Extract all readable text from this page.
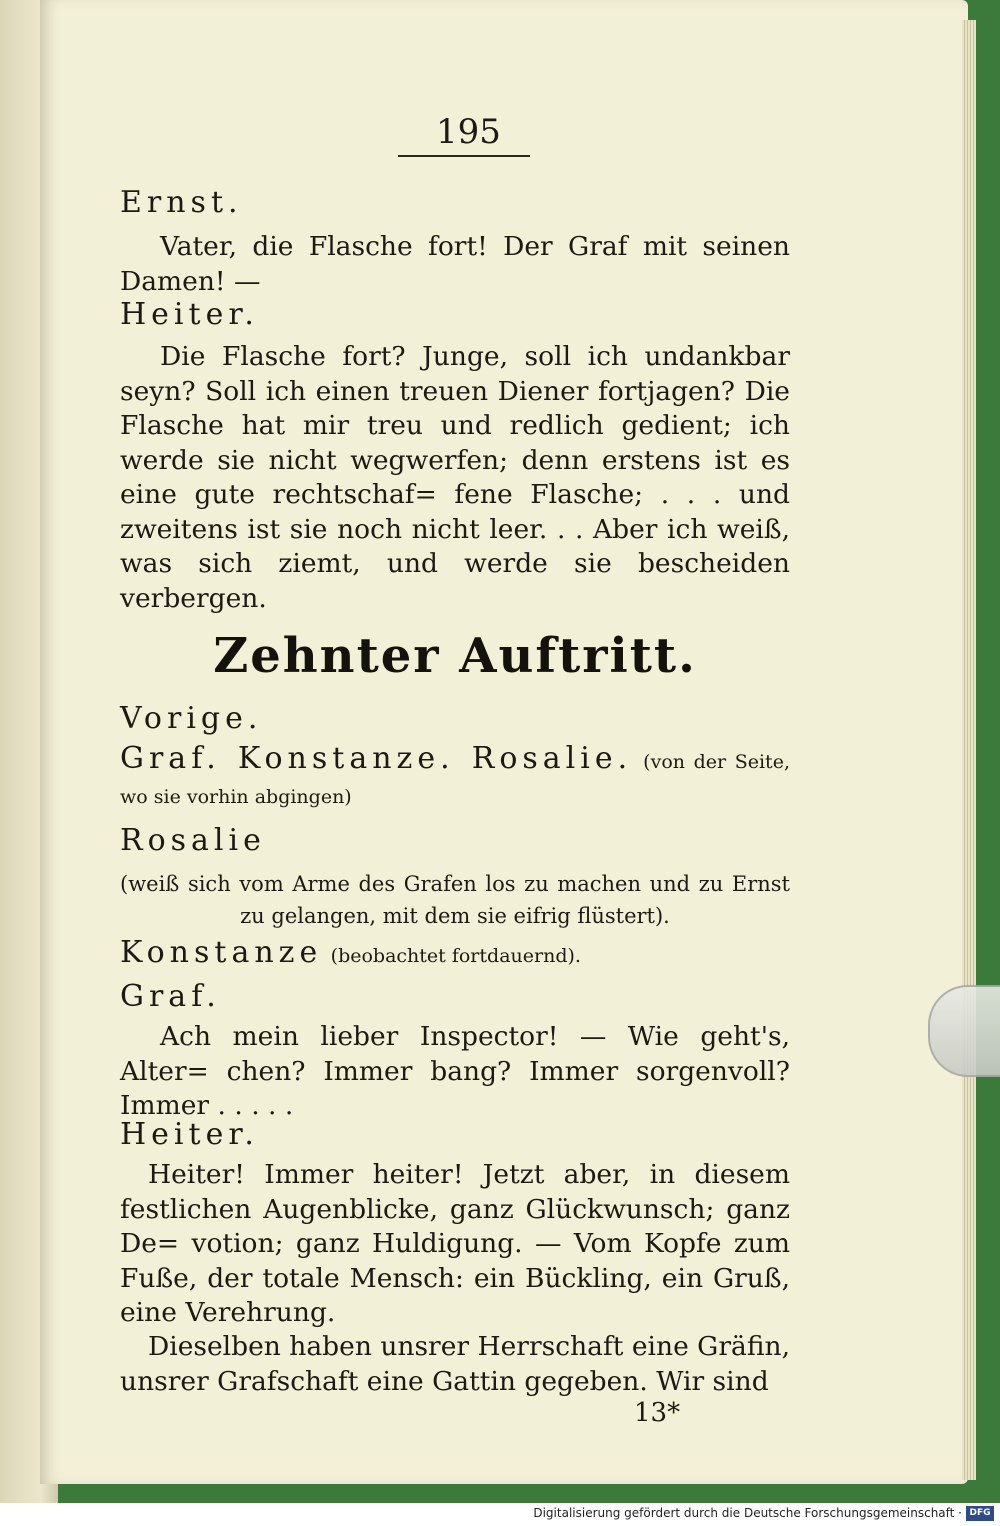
195
Ernst.
Vater, die Flasche fort! Der Graf mit seinen Damen! —
Heiter.
Die Flasche fort? Junge, soll ich undankbar seyn? Soll ich einen treuen Diener fortjagen? Die Flasche hat mir treu und redlich gedient; ich werde sie nicht wegwerfen; denn erstens ist es eine gute rechtschaf= fene Flasche; . . . und zweitens ist sie noch nicht leer. . . Aber ich weiß, was sich ziemt, und werde sie bescheiden verbergen.
Zehnter Auftritt.
Vorige.
Graf. Konstanze. Rosalie. (von der Seite, wo sie vorhin abgingen)
Rosalie
(weiß sich vom Arme des Grafen los zu machen und zu Ernst zu gelangen, mit dem sie eifrig flüstert).
Konstanze (beobachtet fortdauernd).
Graf.
Ach mein lieber Inspector! — Wie geht's, Alter= chen? Immer bang? Immer sorgenvoll? Immer . . . . .
Heiter.
Heiter! Immer heiter! Jetzt aber, in diesem festlichen Augenblicke, ganz Glückwunsch; ganz De= votion; ganz Huldigung. — Vom Kopfe zum Fuße, der totale Mensch: ein Bückling, ein Gruß, eine Verehrung.
Dieselben haben unsrer Herrschaft eine Gräfin, unsrer Grafschaft eine Gattin gegeben. Wir sind
13*
Digitalisierung gefördert durch die Deutsche Forschungsgemeinschaft · DFG
